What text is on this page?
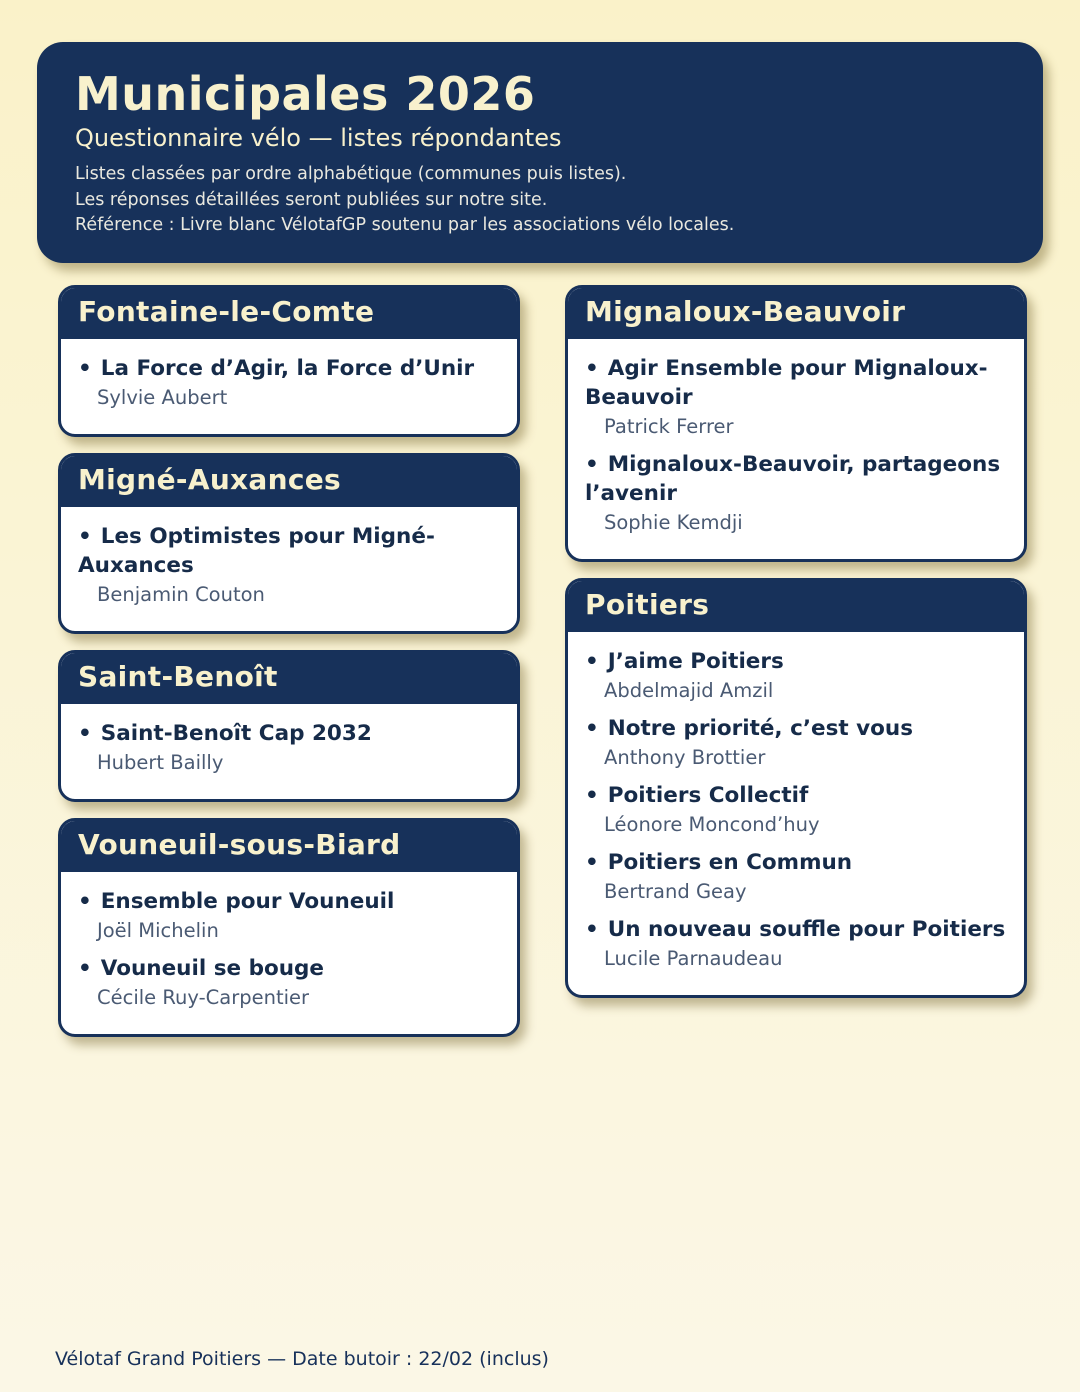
Municipales 2026
Questionnaire vélo — listes répondantes
Listes classées par ordre alphabétique (communes puis listes).
Les réponses détaillées seront publiées sur notre site.
Référence : Livre blanc VélotafGP soutenu par les associations vélo locales.
Fontaine-le-Comte
• La Force d’Agir, la Force d’Unir
Sylvie Aubert
Migné-Auxances
• Les Optimistes pour Migné-Auxances
Benjamin Couton
Saint-Benoît
• Saint-Benoît Cap 2032
Hubert Bailly
Vouneuil-sous-Biard
• Ensemble pour Vouneuil
Joël Michelin
• Vouneuil se bouge
Cécile Ruy-Carpentier
Mignaloux-Beauvoir
• Agir Ensemble pour Mignaloux-Beauvoir
Patrick Ferrer
• Mignaloux-Beauvoir, partageons l’avenir
Sophie Kemdji
Poitiers
• J’aime Poitiers
Abdelmajid Amzil
• Notre priorité, c’est vous
Anthony Brottier
• Poitiers Collectif
Léonore Moncond’huy
• Poitiers en Commun
Bertrand Geay
• Un nouveau souffle pour Poitiers
Lucile Parnaudeau
Vélotaf Grand Poitiers — Date butoir : 22/02 (inclus)
